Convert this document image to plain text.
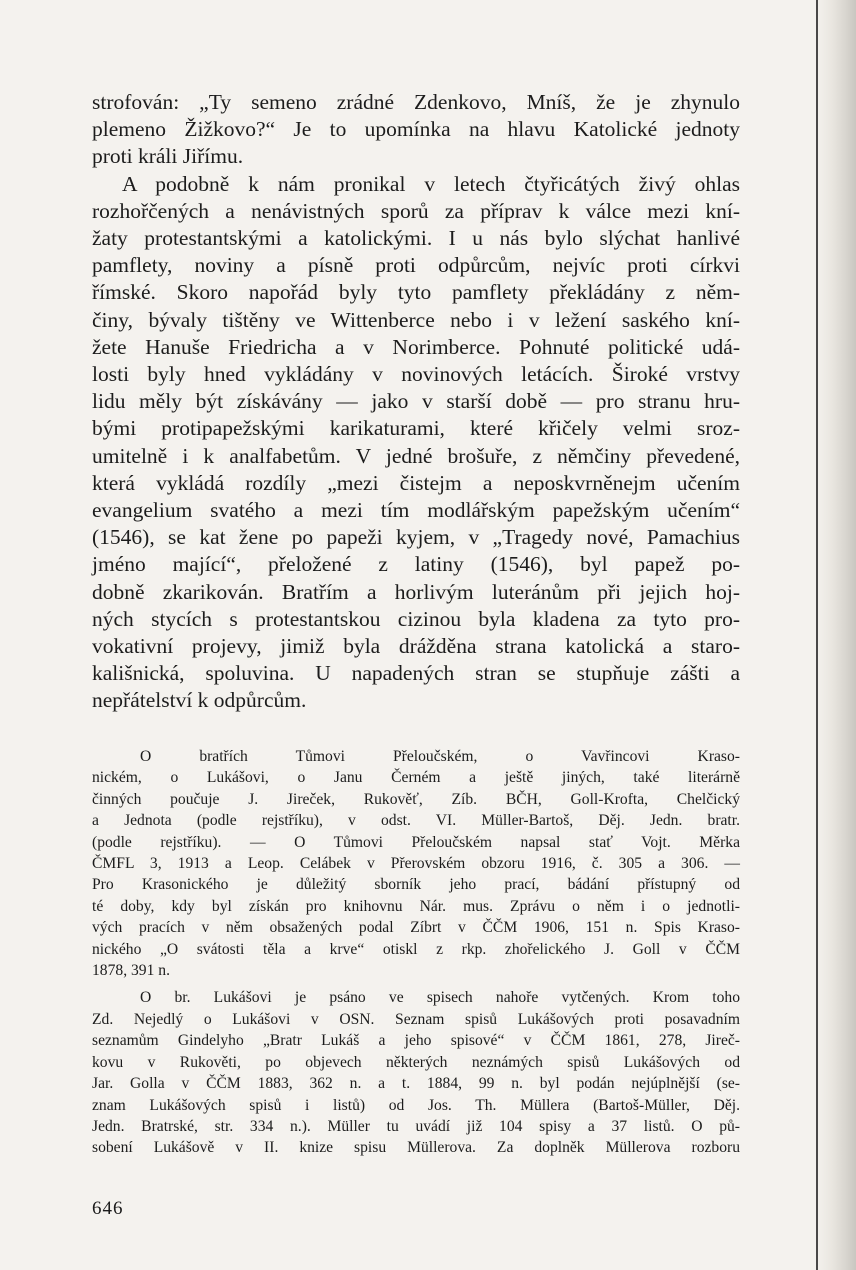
strofován: „Ty semeno zrádné Zdenkovo, Mníš, že je zhynulo

plemeno Žižkovo?“ Je to upomínka na hlavu Katolické jednoty

proti králi Jiřímu.

A podobně k nám pronikal v letech čtyřicátých živý ohlas

rozhořčených a nenávistných sporů za příprav k válce mezi kní-

žaty protestantskými a katolickými. I u nás bylo slýchat hanlivé

pamflety, noviny a písně proti odpůrcům, nejvíc proti církvi

římské. Skoro napořád byly tyto pamflety překládány z něm-

činy, bývaly tištěny ve Wittenberce nebo i v ležení saského kní-

žete Hanuše Friedricha a v Norimberce. Pohnuté politické udá-

losti byly hned vykládány v novinových letácích. Široké vrstvy

lidu měly být získávány — jako v starší době — pro stranu hru-

bými protipapežskými karikaturami, které křičely velmi sroz-

umitelně i k analfabetům. V jedné brošuře, z němčiny převedené,

která vykládá rozdíly „mezi čistejm a neposkvrněnejm učením

evangelium svatého a mezi tím modlářským papežským učením“

(1546), se kat žene po papeži kyjem, v „Tragedy nové, Pamachius

jméno mající“, přeložené z latiny (1546), byl papež po-

dobně zkarikován. Bratřím a horlivým luteránům při jejich hoj-

ných stycích s protestantskou cizinou byla kladena za tyto pro-

vokativní projevy, jimiž byla drážděna strana katolická a staro-

kališnická, spoluvina. U napadených stran se stupňuje zášti a

nepřátelství k odpůrcům.

O bratřích Tůmovi Přeloučském, o Vavřincovi Kraso-

nickém, o Lukášovi, o Janu Černém a ještě jiných, také literárně

činných poučuje J. Jireček, Rukověť, Zíb. BČH, Goll-Krofta, Chelčický

a Jednota (podle rejstříku), v odst. VI. Müller-Bartoš, Děj. Jedn. bratr.

(podle rejstříku). — O Tůmovi Přeloučském napsal stať Vojt. Měrka

ČMFL 3, 1913 a Leop. Celábek v Přerovském obzoru 1916, č. 305 a 306. —

Pro Krasonického je důležitý sborník jeho prací, bádání přístupný od

té doby, kdy byl získán pro knihovnu Nár. mus. Zprávu o něm i o jednotli-

vých pracích v něm obsažených podal Zíbrt v ČČM 1906, 151 n. Spis Kraso-

nického „O svátosti těla a krve“ otiskl z rkp. zhořelického J. Goll v ČČM

1878, 391 n.

O br. Lukášovi je psáno ve spisech nahoře vytčených. Krom toho

Zd. Nejedlý o Lukášovi v OSN. Seznam spisů Lukášových proti posavadním

seznamům Gindelyho „Bratr Lukáš a jeho spisové“ v ČČM 1861, 278, Jireč-

kovu v Rukověti, po objevech některých neznámých spisů Lukášových od

Jar. Golla v ČČM 1883, 362 n. a t. 1884, 99 n. byl podán nejúplnější (se-

znam Lukášových spisů i listů) od Jos. Th. Müllera (Bartoš-Müller, Děj.

Jedn. Bratrské, str. 334 n.). Müller tu uvádí již 104 spisy a 37 listů. O pů-

sobení Lukášově v II. knize spisu Müllerova. Za doplněk Müllerova rozboru

646
